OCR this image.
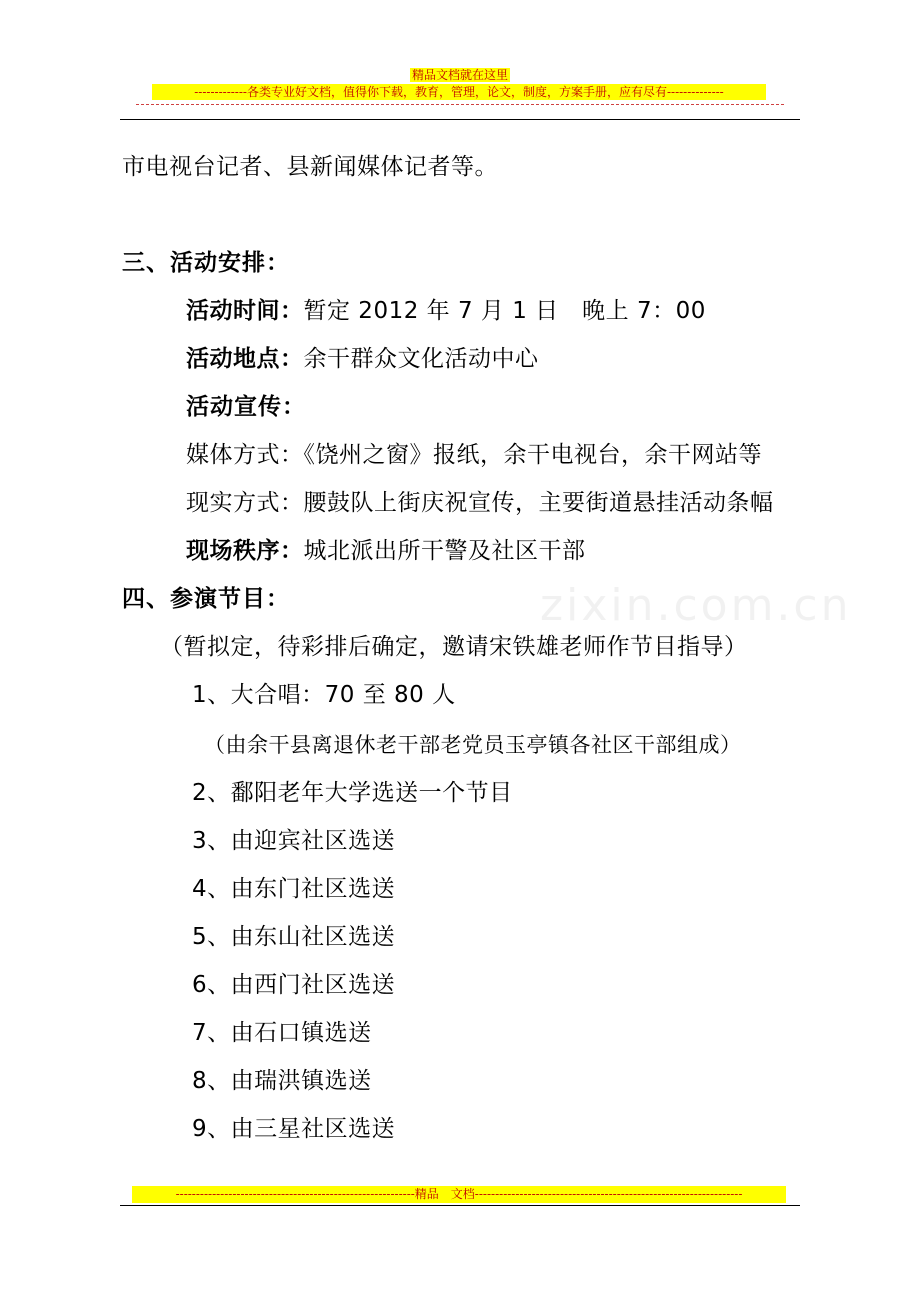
精品文档就在这里
-------------各类专业好文档，值得你下载，教育，管理，论文，制度，方案手册，应有尽有--------------
zixin.com.cn
市电视台记者、县新闻媒体记者等。
三、活动安排：
活动时间：暂定 2012 年 7 月 1 日　晚上 7：00
活动地点：余干群众文化活动中心
活动宣传：
媒体方式：《饶州之窗》报纸，余干电视台，余干网站等
现实方式：腰鼓队上街庆祝宣传，主要街道悬挂活动条幅
现场秩序：城北派出所干警及社区干部
四、参演节目：
（暂拟定，待彩排后确定，邀请宋铁雄老师作节目指导）
1、大合唱：70 至 80 人
（由余干县离退休老干部老党员玉亭镇各社区干部组成）
2、鄱阳老年大学选送一个节目
3、由迎宾社区选送
4、由东门社区选送
5、由东山社区选送
6、由西门社区选送
7、由石口镇选送
8、由瑞洪镇选送
9、由三星社区选送
-----------------------------------------------------------精品　文档------------------------------------------------------------------
